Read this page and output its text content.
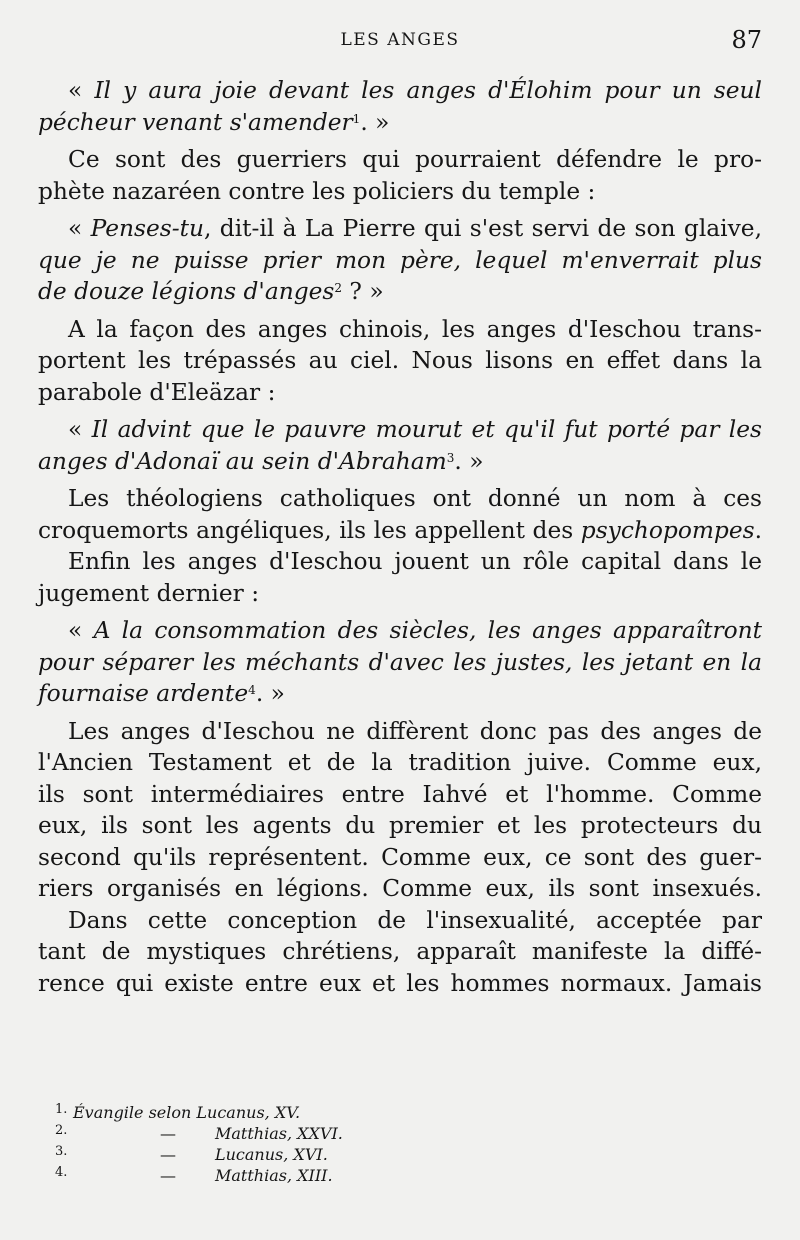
LES ANGES	87
« Il y aura joie devant les anges d'Élohim pour un seul
pécheur venant s'amender$^1$. »
Ce sont des guerriers qui pourraient défendre le pro-
phète nazaréen contre les policiers du temple :
« Penses-tu, dit-il à La Pierre qui s'est servi de son glaive,
que je ne puisse prier mon père, lequel m'enverrait plus
de douze légions d'anges$^2$ ? »
A la façon des anges chinois, les anges d'Ieschou trans-
portent les trépassés au ciel. Nous lisons en effet dans la
parabole d'Eleäzar :
« Il advint que le pauvre mourut et qu'il fut porté par les
anges d'Adonaï au sein d'Abraham$^3$. »
Les théologiens catholiques ont donné un nom à ces
croquemorts angéliques, ils les appellent des psychopompes.
Enfin les anges d'Ieschou jouent un rôle capital dans le
jugement dernier :
« A la consommation des siècles, les anges apparaîtront
pour séparer les méchants d'avec les justes, les jetant en la
fournaise ardente$^4$. »
Les anges d'Ieschou ne diffèrent donc pas des anges de
l'Ancien Testament et de la tradition juive. Comme eux,
ils sont intermédiaires entre Iahvé et l'homme. Comme
eux, ils sont les agents du premier et les protecteurs du
second qu'ils représentent. Comme eux, ce sont des guer-
riers organisés en légions. Comme eux, ils sont insexués.
Dans cette conception de l'insexualité, acceptée par
tant de mystiques chrétiens, apparaît manifeste la diffé-
rence qui existe entre eux et les hommes normaux. Jamais
1. Évangile selon Lucanus, XV.
2.	— Matthias, XXVI.
3.	— Lucanus, XVI.
4.	— Matthias, XIII.
